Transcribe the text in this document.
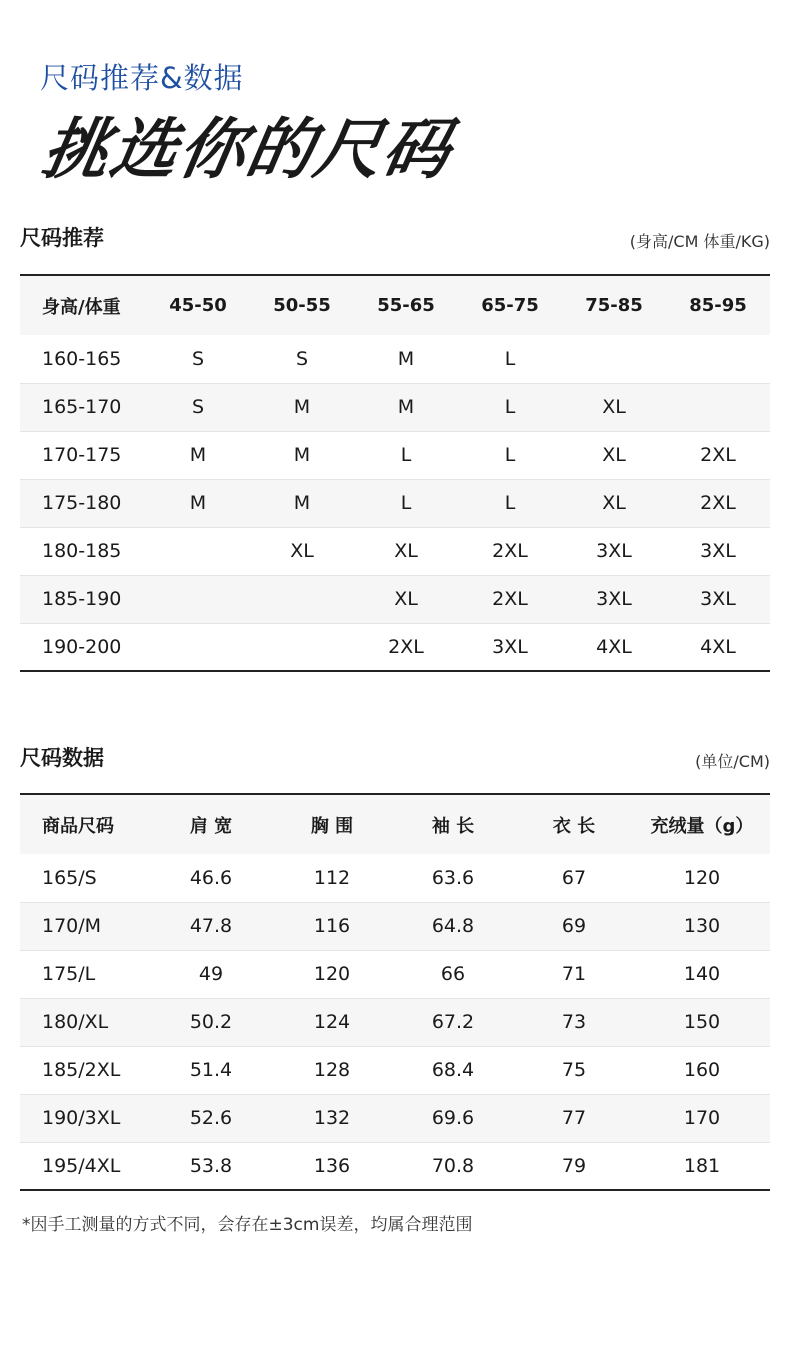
尺码推荐&数据
挑选你的尺码
尺码推荐	(身高/CM 体重/KG)
身高/体重	45-50	50-55	55-65	65-75	75-85	85-95
160-165	S	S	M	L		
165-170	S	M	M	L	XL	
170-175	M	M	L	L	XL	2XL
175-180	M	M	L	L	XL	2XL
180-185		XL	XL	2XL	3XL	3XL
185-190			XL	2XL	3XL	3XL
190-200			2XL	3XL	4XL	4XL
尺码数据	(单位/CM)
商品尺码	肩 宽	胸 围	袖 长	衣 长	充绒量（g）
165/S	46.6	112	63.6	67	120
170/M	47.8	116	64.8	69	130
175/L	49	120	66	71	140
180/XL	50.2	124	67.2	73	150
185/2XL	51.4	128	68.4	75	160
190/3XL	52.6	132	69.6	77	170
195/4XL	53.8	136	70.8	79	181
*因手工测量的方式不同，会存在±3cm误差，均属合理范围
